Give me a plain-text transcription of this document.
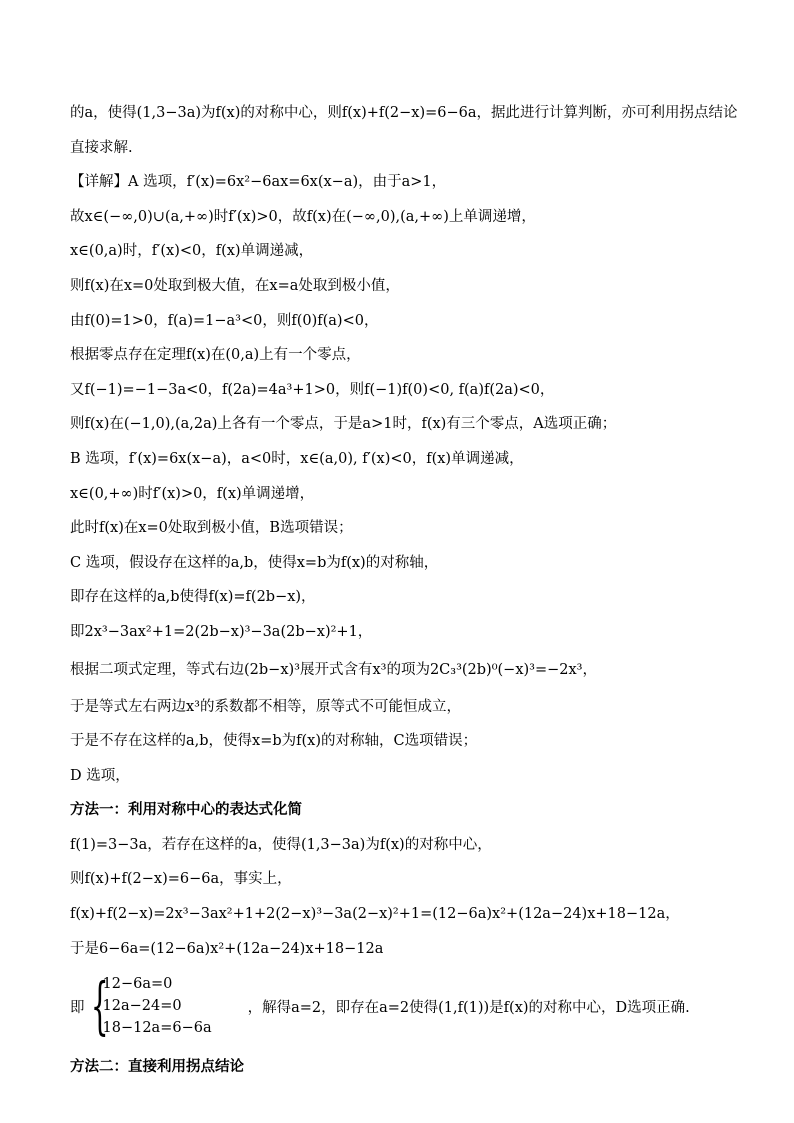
的a，使得(1,3−3a)为f(x)的对称中心，则f(x)+f(2−x)=6−6a，据此进行计算判断，亦可利用拐点结论
直接求解.
【详解】A 选项，f′(x)=6x²−6ax=6x(x−a)，由于a>1，
故x∈(−∞,0)∪(a,+∞)时f′(x)>0，故f(x)在(−∞,0),(a,+∞)上单调递增，
x∈(0,a)时，f′(x)<0，f(x)单调递减，
则f(x)在x=0处取到极大值，在x=a处取到极小值，
由f(0)=1>0，f(a)=1−a³<0，则f(0)f(a)<0，
根据零点存在定理f(x)在(0,a)上有一个零点，
又f(−1)=−1−3a<0，f(2a)=4a³+1>0，则f(−1)f(0)<0, f(a)f(2a)<0，
则f(x)在(−1,0),(a,2a)上各有一个零点，于是a>1时，f(x)有三个零点，A选项正确；
B 选项，f′(x)=6x(x−a)，a<0时，x∈(a,0), f′(x)<0，f(x)单调递减，
x∈(0,+∞)时f′(x)>0，f(x)单调递增，
此时f(x)在x=0处取到极小值，B选项错误；
C 选项，假设存在这样的a,b，使得x=b为f(x)的对称轴，
即存在这样的a,b使得f(x)=f(2b−x)，
即2x³−3ax²+1=2(2b−x)³−3a(2b−x)²+1，
根据二项式定理，等式右边(2b−x)³展开式含有x³的项为2C₃³(2b)⁰(−x)³=−2x³，
于是等式左右两边x³的系数都不相等，原等式不可能恒成立，
于是不存在这样的a,b，使得x=b为f(x)的对称轴，C选项错误；
D 选项，
方法一：利用对称中心的表达式化简
f(1)=3−3a，若存在这样的a，使得(1,3−3a)为f(x)的对称中心，
则f(x)+f(2−x)=6−6a，事实上，
f(x)+f(2−x)=2x³−3ax²+1+2(2−x)³−3a(2−x)²+1=(12−6a)x²+(12a−24)x+18−12a，
于是6−6a=(12−6a)x²+(12a−24)x+18−12a
即 {
12−6a=0
12a−24=0
18−12a=6−6a
，解得a=2，即存在a=2使得(1,f(1))是f(x)的对称中心，D选项正确.
方法二：直接利用拐点结论
